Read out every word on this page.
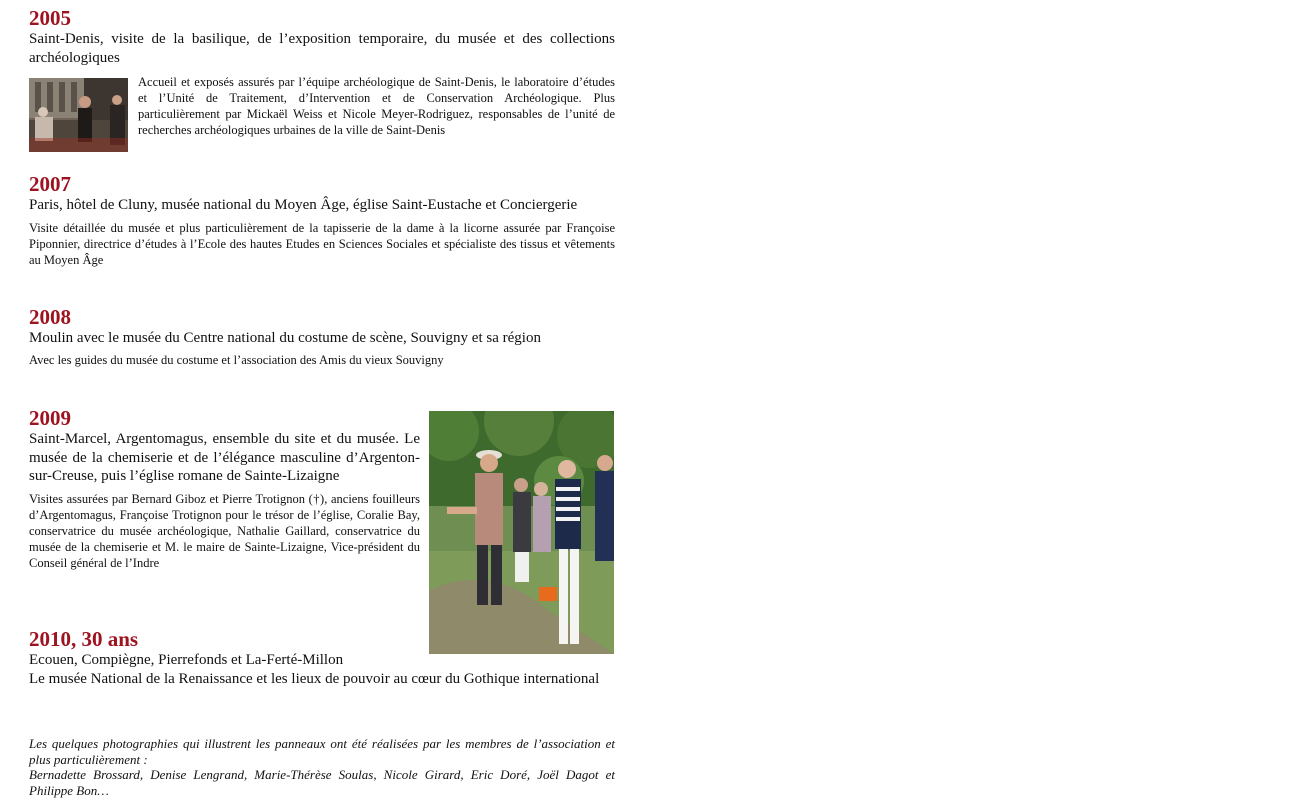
2005

Saint-Denis, visite de la basilique, de l’exposition temporaire, du musée et des collections archéologiques

Accueil et exposés assurés par l’équipe archéologique de Saint-Denis, le laboratoire d’études et l’Unité de Traitement, d’Intervention et de Conservation Archéologique. Plus particulièrement par Mickaël Weiss et Nicole Meyer-Rodriguez, responsables de l’unité de recherches archéologiques urbaines de la ville de Saint-Denis

2007

Paris, hôtel de Cluny, musée national du Moyen Âge, église Saint-Eustache et Conciergerie

Visite détaillée du musée et plus particulièrement de la tapisserie de la dame à la licorne assurée par Françoise Piponnier, directrice d’études à l’Ecole des hautes Etudes en Sciences Sociales et spécialiste des tissus et vêtements au Moyen Âge

2008

Moulin avec le musée du Centre national du costume de scène, Souvigny et sa région

Avec les guides du musée du costume et l’association des Amis du vieux Souvigny

2009

Saint-Marcel, Argentomagus, ensemble du site et du musée. Le musée de la chemiserie et de l’élégance masculine d’Argenton-sur-Creuse, puis l’église romane de Sainte-Lizaigne

Visites assurées par Bernard Giboz et Pierre Trotignon (†), anciens fouilleurs d’Argentomagus, Françoise Trotignon pour le trésor de l’église, Coralie Bay, conservatrice du musée archéologique, Nathalie Gaillard, conservatrice du musée de la chemiserie et M. le maire de Sainte-Lizaigne, Vice-président du Conseil général de l’Indre

2010, 30 ans

Ecouen, Compiègne, Pierrefonds et La-Ferté-Millon

Le musée National de la Renaissance et les lieux de pouvoir au cœur du Gothique international

Les quelques photographies qui illustrent les panneaux ont été réalisées par les membres de l’association et plus particulièrement :

Bernadette Brossard, Denise Lengrand, Marie-Thérèse Soulas, Nicole Girard, Eric Doré, Joël Dagot et Philippe Bon…
